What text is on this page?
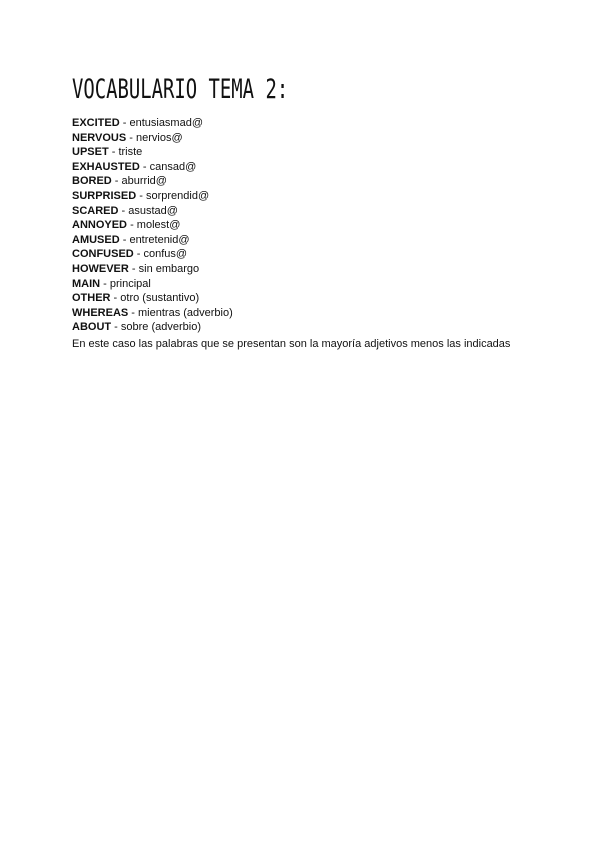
VOCABULARIO TEMA 2:
EXCITED - entusiasmad@
NERVOUS - nervios@
UPSET - triste
EXHAUSTED - cansad@
BORED - aburrid@
SURPRISED - sorprendid@
SCARED - asustad@
ANNOYED - molest@
AMUSED - entretenid@
CONFUSED - confus@
HOWEVER - sin embargo
MAIN - principal
OTHER - otro (sustantivo)
WHEREAS - mientras (adverbio)
ABOUT - sobre (adverbio)
En este caso las palabras que se presentan son la mayoría adjetivos menos las indicadas
